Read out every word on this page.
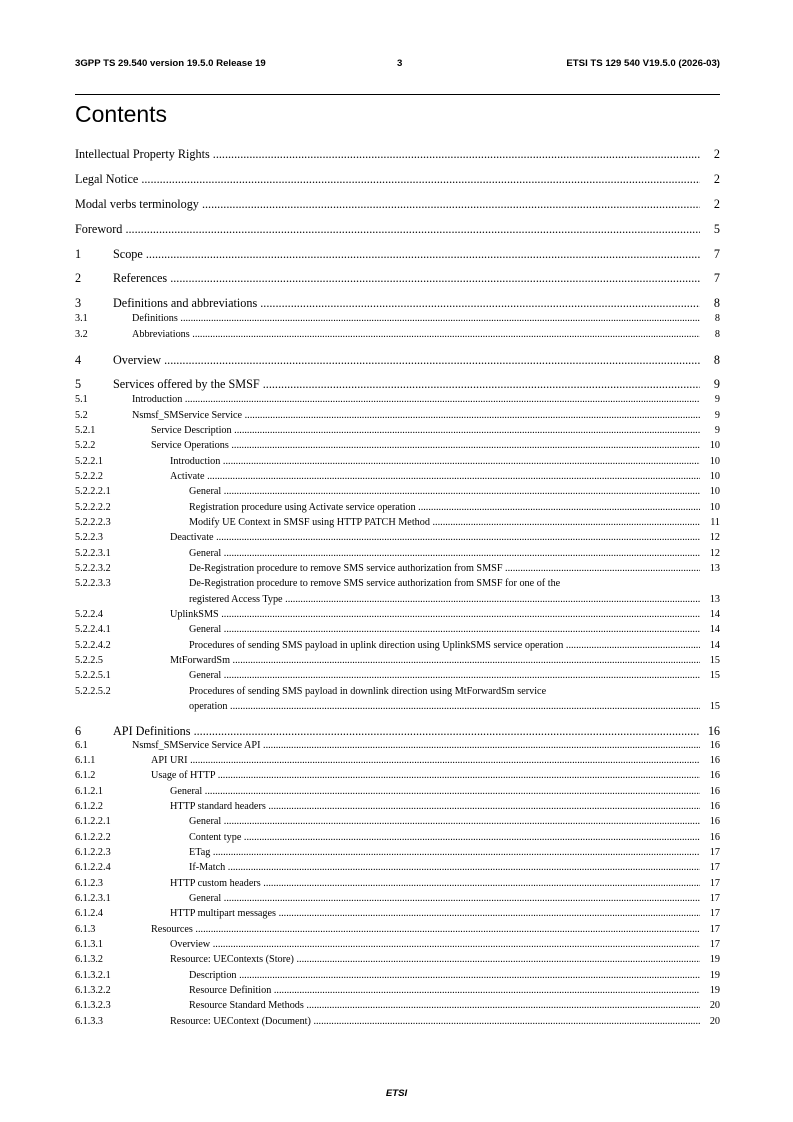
3GPP TS 29.540 version 19.5.0 Release 19	3	ETSI TS 129 540 V19.5.0 (2026-03)
Contents
Intellectual Property Rights .....	2
Legal Notice .....	2
Modal verbs terminology .....	2
Foreword .....	5
1	Scope .....	7
2	References .....	7
3	Definitions and abbreviations .....	8
3.1	Definitions .....	8
3.2	Abbreviations .....	8
4	Overview .....	8
5	Services offered by the SMSF .....	9
5.1	Introduction .....	9
5.2	Nsmsf_SMService Service .....	9
5.2.1	Service Description .....	9
5.2.2	Service Operations .....	10
5.2.2.1	Introduction .....	10
5.2.2.2	Activate .....	10
5.2.2.2.1	General .....	10
5.2.2.2.2	Registration procedure using Activate service operation .....	10
5.2.2.2.3	Modify UE Context in SMSF using HTTP PATCH Method .....	11
5.2.2.3	Deactivate .....	12
5.2.2.3.1	General .....	12
5.2.2.3.2	De-Registration procedure to remove SMS service authorization from SMSF .....	13
5.2.2.3.3	De-Registration procedure to remove SMS service authorization from SMSF for one of the
registered Access Type .....	13
5.2.2.4	UplinkSMS .....	14
5.2.2.4.1	General .....	14
5.2.2.4.2	Procedures of sending SMS payload in uplink direction using UplinkSMS service operation .....	14
5.2.2.5	MtForwardSm .....	15
5.2.2.5.1	General .....	15
5.2.2.5.2	Procedures of sending SMS payload in downlink direction using MtForwardSm service
operation .....	15
6	API Definitions .....	16
6.1	Nsmsf_SMService Service API .....	16
6.1.1	API URI .....	16
6.1.2	Usage of HTTP .....	16
6.1.2.1	General .....	16
6.1.2.2	HTTP standard headers .....	16
6.1.2.2.1	General .....	16
6.1.2.2.2	Content type .....	16
6.1.2.2.3	ETag .....	17
6.1.2.2.4	If-Match .....	17
6.1.2.3	HTTP custom headers .....	17
6.1.2.3.1	General .....	17
6.1.2.4	HTTP multipart messages .....	17
6.1.3	Resources .....	17
6.1.3.1	Overview .....	17
6.1.3.2	Resource: UEContexts (Store) .....	19
6.1.3.2.1	Description .....	19
6.1.3.2.2	Resource Definition .....	19
6.1.3.2.3	Resource Standard Methods .....	20
6.1.3.3	Resource: UEContext (Document) .....	20
ETSI
